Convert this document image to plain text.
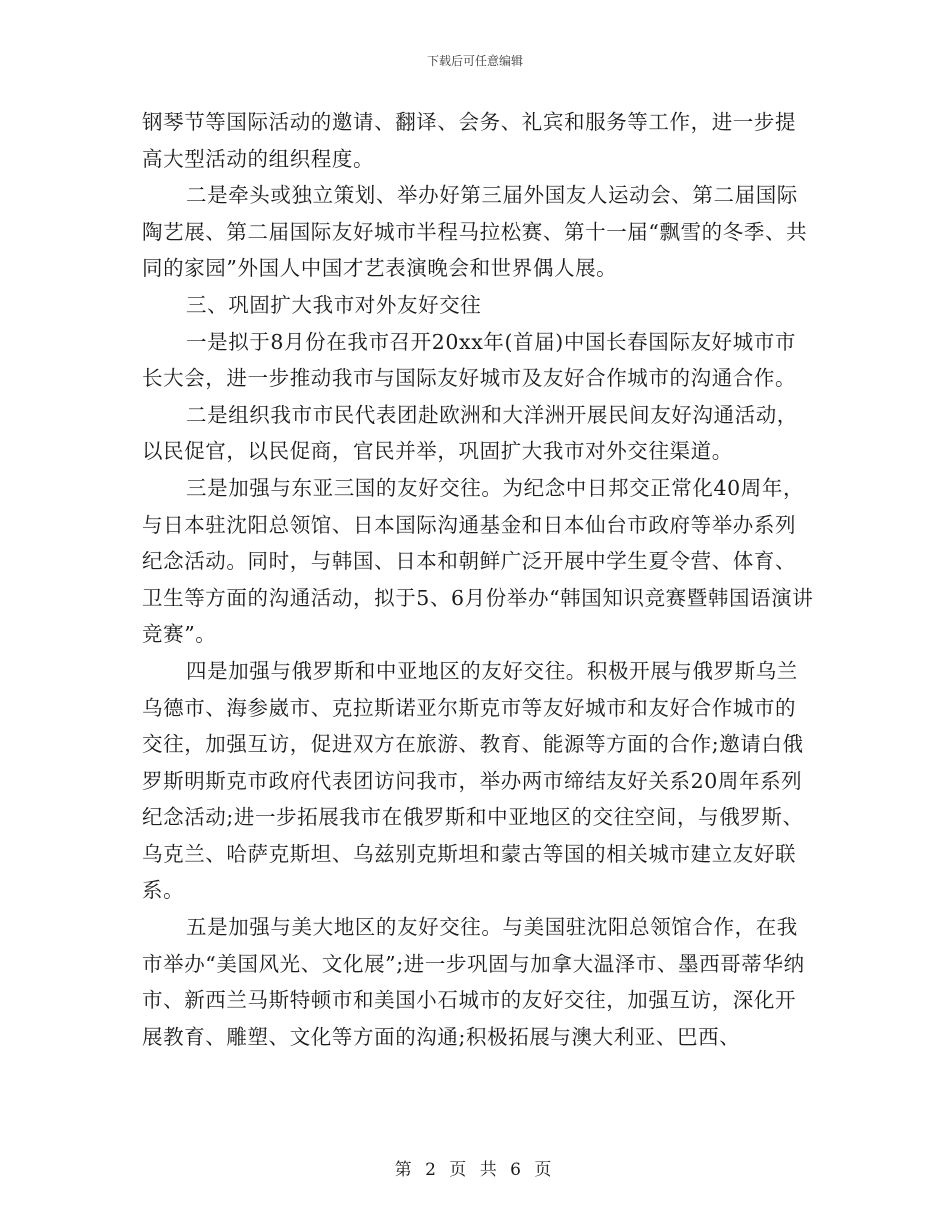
下载后可任意编辑

钢琴节等国际活动的邀请、翻译、会务、礼宾和服务等工作，进一步提高大型活动的组织程度。

二是牵头或独立策划、举办好第三届外国友人运动会、第二届国际陶艺展、第二届国际友好城市半程马拉松赛、第十一届“飘雪的冬季、共同的家园”外国人中国才艺表演晚会和世界偶人展。

三、巩固扩大我市对外友好交往

一是拟于8月份在我市召开20xx年(首届)中国长春国际友好城市市长大会，进一步推动我市与国际友好城市及友好合作城市的沟通合作。

二是组织我市市民代表团赴欧洲和大洋洲开展民间友好沟通活动，以民促官，以民促商，官民并举，巩固扩大我市对外交往渠道。

三是加强与东亚三国的友好交往。为纪念中日邦交正常化40周年，与日本驻沈阳总领馆、日本国际沟通基金和日本仙台市政府等举办系列纪念活动。同时，与韩国、日本和朝鲜广泛开展中学生夏令营、体育、卫生等方面的沟通活动，拟于5、6月份举办“韩国知识竞赛暨韩国语演讲竞赛”。

四是加强与俄罗斯和中亚地区的友好交往。积极开展与俄罗斯乌兰乌德市、海参崴市、克拉斯诺亚尔斯克市等友好城市和友好合作城市的交往，加强互访，促进双方在旅游、教育、能源等方面的合作;邀请白俄罗斯明斯克市政府代表团访问我市，举办两市缔结友好关系20周年系列纪念活动;进一步拓展我市在俄罗斯和中亚地区的交往空间，与俄罗斯、乌克兰、哈萨克斯坦、乌兹别克斯坦和蒙古等国的相关城市建立友好联系。

五是加强与美大地区的友好交往。与美国驻沈阳总领馆合作，在我市举办“美国风光、文化展”;进一步巩固与加拿大温泽市、墨西哥蒂华纳市、新西兰马斯特顿市和美国小石城市的友好交往，加强互访，深化开展教育、雕塑、文化等方面的沟通;积极拓展与澳大利亚、巴西、

第 2 页 共 6 页
